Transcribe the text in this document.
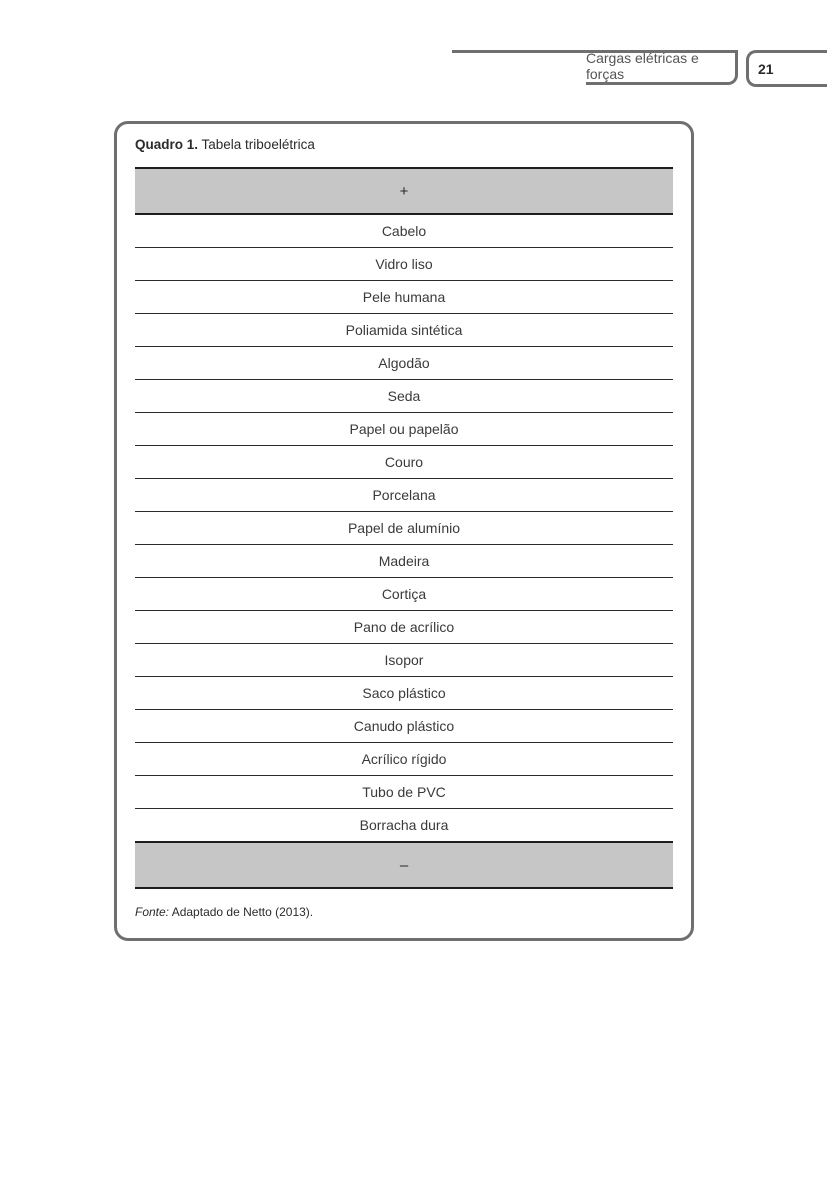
Cargas elétricas e forças	21
Quadro 1. Tabela triboelétrica
+
Cabelo
Vidro liso
Pele humana
Poliamida sintética
Algodão
Seda
Papel ou papelão
Couro
Porcelana
Papel de alumínio
Madeira
Cortiça
Pano de acrílico
Isopor
Saco plástico
Canudo plástico
Acrílico rígido
Tubo de PVC
Borracha dura
–
Fonte: Adaptado de Netto (2013).
